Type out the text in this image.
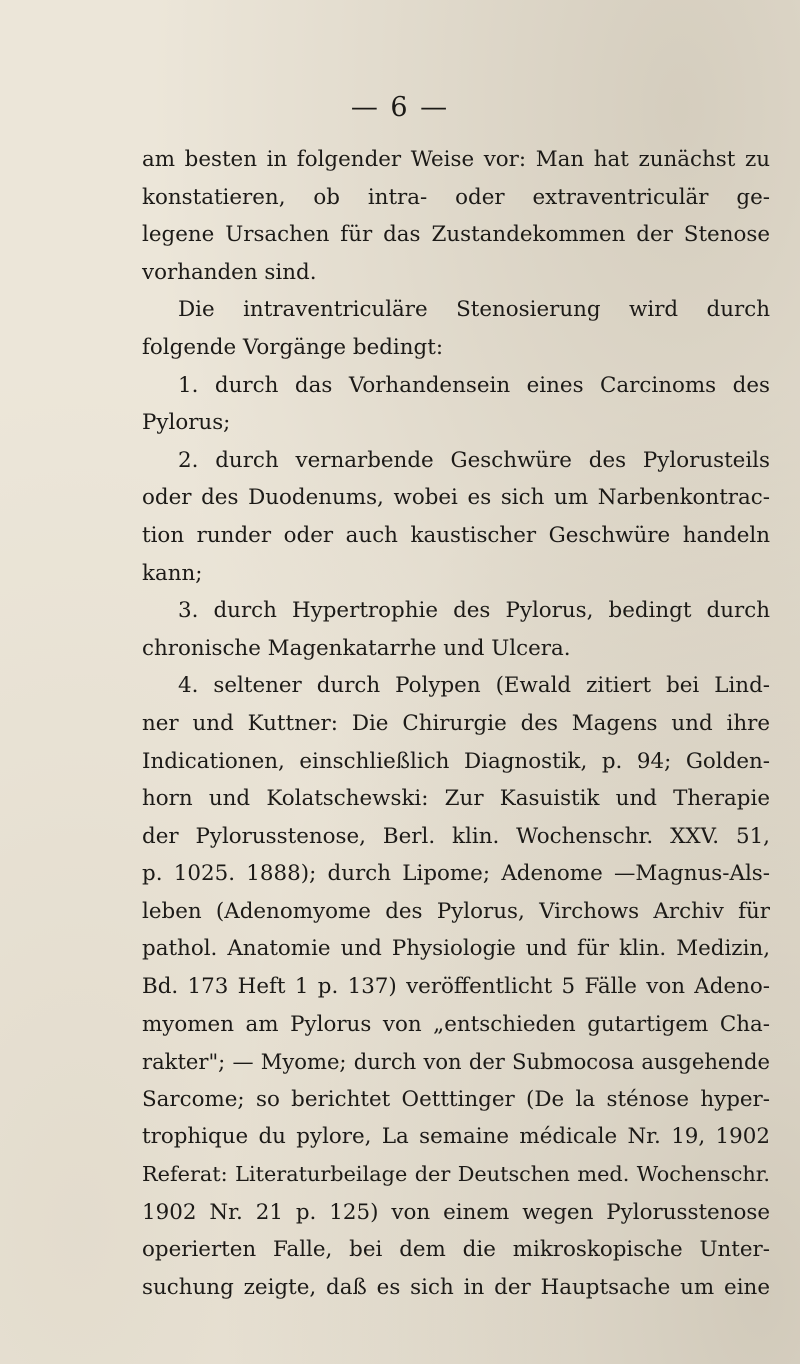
— 6 —
am besten in folgender Weise vor: Man hat zunächst zu
konstatieren, ob intra- oder extraventriculär ge-
legene Ursachen für das Zustandekommen der Stenose
vorhanden sind.
Die intraventriculäre Stenosierung wird durch
folgende Vorgänge bedingt:
1. durch das Vorhandensein eines Carcinoms des
Pylorus;
2. durch vernarbende Geschwüre des Pylorusteils
oder des Duodenums, wobei es sich um Narbenkontrac-
tion runder oder auch kaustischer Geschwüre handeln
kann;
3. durch Hypertrophie des Pylorus, bedingt durch
chronische Magenkatarrhe und Ulcera.
4. seltener durch Polypen (Ewald zitiert bei Lind-
ner und Kuttner: Die Chirurgie des Magens und ihre
Indicationen, einschließlich Diagnostik, p. 94; Golden-
horn und Kolatschewski: Zur Kasuistik und Therapie
der Pylorusstenose, Berl. klin. Wochenschr. XXV. 51,
p. 1025. 1888); durch Lipome; Adenome —Magnus-Als-
leben (Adenomyome des Pylorus, Virchows Archiv für
pathol. Anatomie und Physiologie und für klin. Medizin,
Bd. 173 Heft 1 p. 137) veröffentlicht 5 Fälle von Adeno-
myomen am Pylorus von „entschieden gutartigem Cha-
rakter"; — Myome; durch von der Submocosa ausgehende
Sarcome; so berichtet Oetttinger (De la sténose hyper-
trophique du pylore, La semaine médicale Nr. 19, 1902
Referat: Literaturbeilage der Deutschen med. Wochenschr.
1902 Nr. 21 p. 125) von einem wegen Pylorusstenose
operierten Falle, bei dem die mikroskopische Unter-
suchung zeigte, daß es sich in der Hauptsache um eine
